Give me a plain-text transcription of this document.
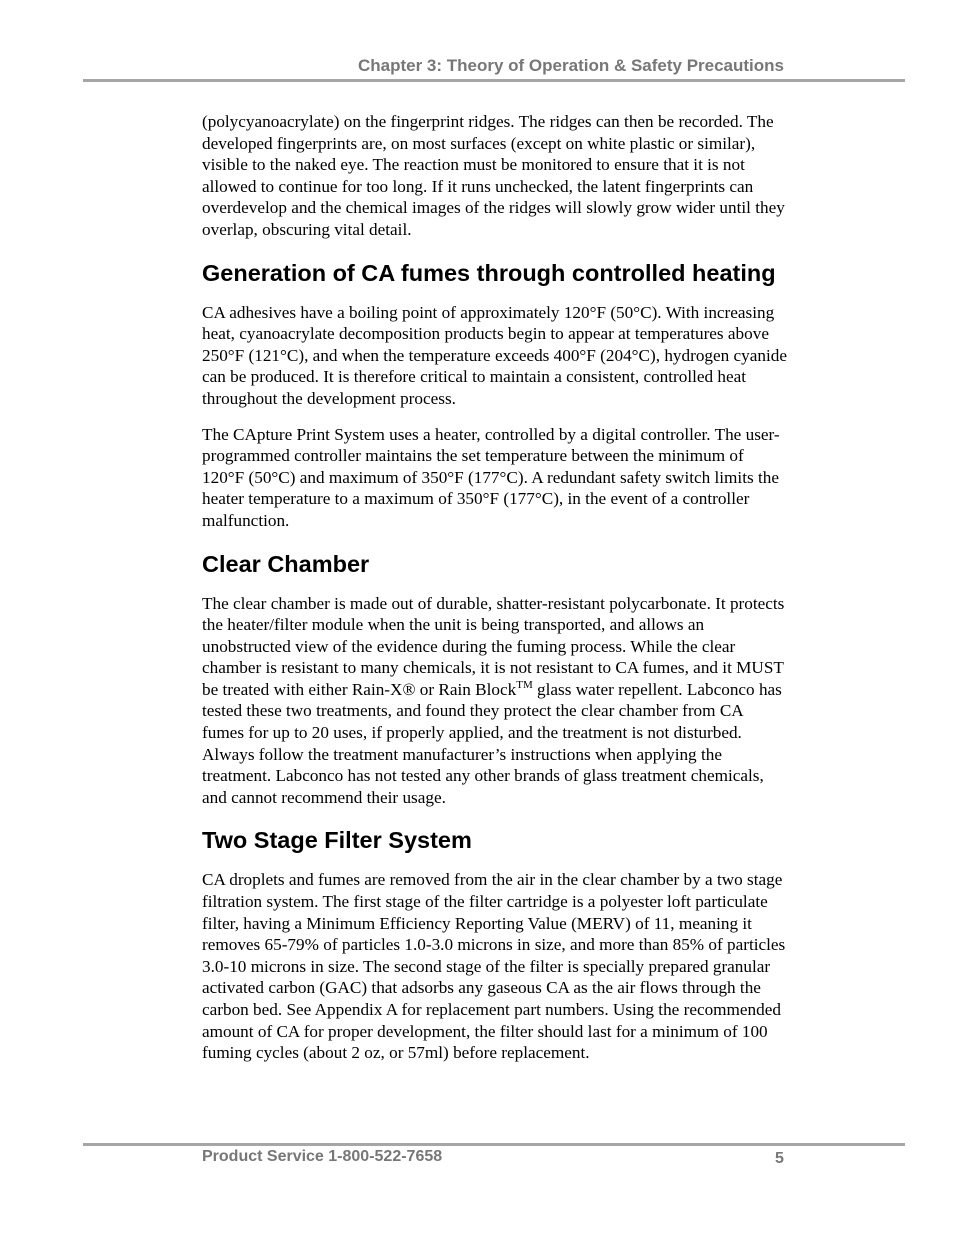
Chapter 3: Theory of Operation & Safety Precautions

(polycyanoacrylate) on the fingerprint ridges. The ridges can then be recorded. The developed fingerprints are, on most surfaces (except on white plastic or similar), visible to the naked eye. The reaction must be monitored to ensure that it is not allowed to continue for too long. If it runs unchecked, the latent fingerprints can overdevelop and the chemical images of the ridges will slowly grow wider until they overlap, obscuring vital detail.

Generation of CA fumes through controlled heating

CA adhesives have a boiling point of approximately 120°F (50°C). With increasing heat, cyanoacrylate decomposition products begin to appear at temperatures above 250°F (121°C), and when the temperature exceeds 400°F (204°C), hydrogen cyanide can be produced. It is therefore critical to maintain a consistent, controlled heat throughout the development process.

The CApture Print System uses a heater, controlled by a digital controller. The user-programmed controller maintains the set temperature between the minimum of 120°F (50°C) and maximum of 350°F (177°C). A redundant safety switch limits the heater temperature to a maximum of 350°F (177°C), in the event of a controller malfunction.

Clear Chamber

The clear chamber is made out of durable, shatter-resistant polycarbonate. It protects the heater/filter module when the unit is being transported, and allows an unobstructed view of the evidence during the fuming process. While the clear chamber is resistant to many chemicals, it is not resistant to CA fumes, and it MUST be treated with either Rain-X® or Rain Block™ glass water repellent. Labconco has tested these two treatments, and found they protect the clear chamber from CA fumes for up to 20 uses, if properly applied, and the treatment is not disturbed. Always follow the treatment manufacturer’s instructions when applying the treatment. Labconco has not tested any other brands of glass treatment chemicals, and cannot recommend their usage.

Two Stage Filter System

CA droplets and fumes are removed from the air in the clear chamber by a two stage filtration system. The first stage of the filter cartridge is a polyester loft particulate filter, having a Minimum Efficiency Reporting Value (MERV) of 11, meaning it removes 65-79% of particles 1.0-3.0 microns in size, and more than 85% of particles 3.0-10 microns in size. The second stage of the filter is specially prepared granular activated carbon (GAC) that adsorbs any gaseous CA as the air flows through the carbon bed. See Appendix A for replacement part numbers. Using the recommended amount of CA for proper development, the filter should last for a minimum of 100 fuming cycles (about 2 oz, or 57ml) before replacement.

Product Service 1-800-522-7658	5
